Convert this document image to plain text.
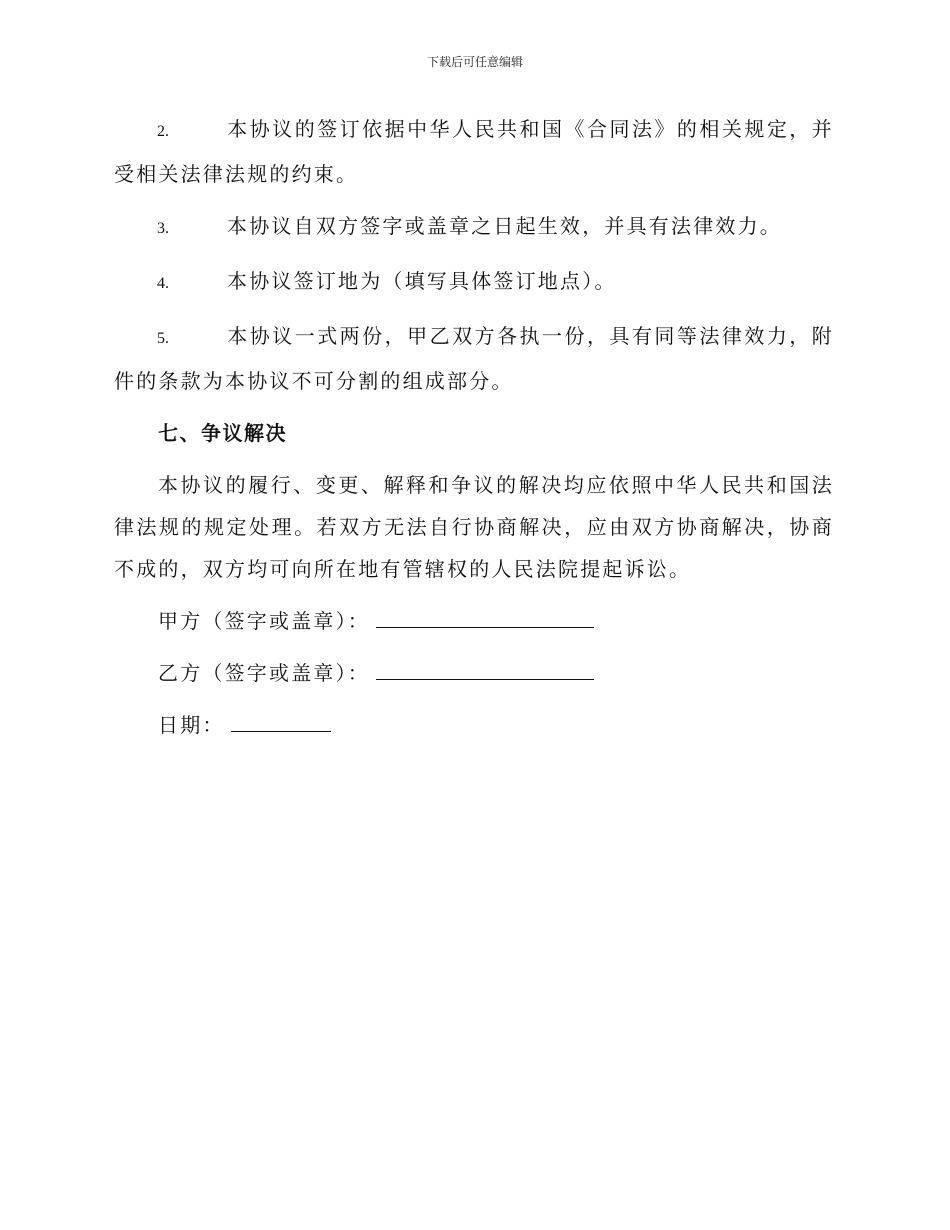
下载后可任意编辑

2.	本协议的签订依据中华人民共和国《合同法》的相关规定，并受相关法律法规的约束。

3.	本协议自双方签字或盖章之日起生效，并具有法律效力。

4.	本协议签订地为（填写具体签订地点）。

5.	本协议一式两份，甲乙双方各执一份，具有同等法律效力，附件的条款为本协议不可分割的组成部分。

七、争议解决

本协议的履行、变更、解释和争议的解决均应依照中华人民共和国法律法规的规定处理。若双方无法自行协商解决，应由双方协商解决，协商不成的，双方均可向所在地有管辖权的人民法院提起诉讼。

甲方（签字或盖章）：
乙方（签字或盖章）：
日期：
